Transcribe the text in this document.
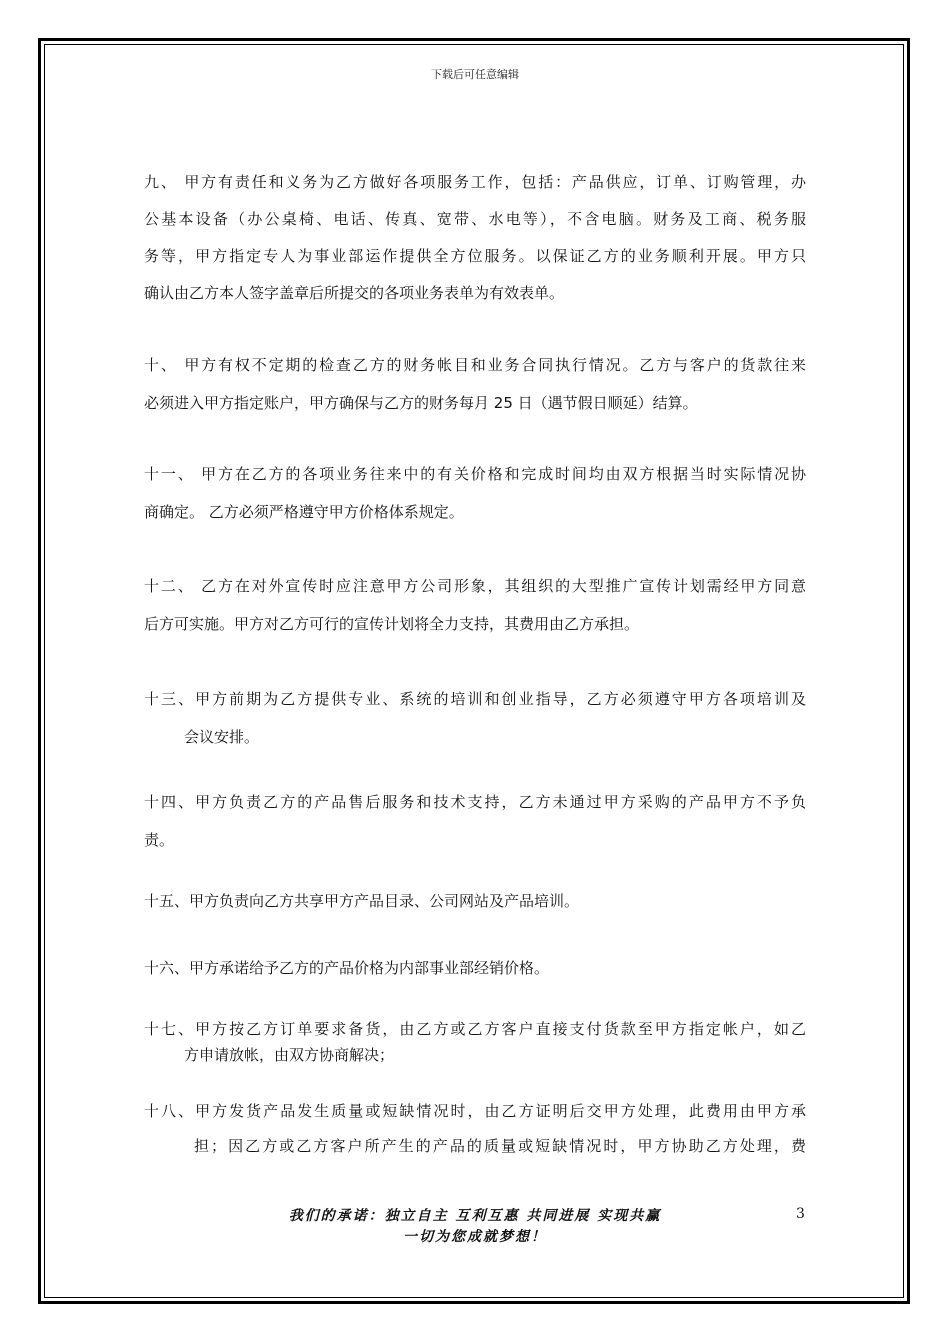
下载后可任意编辑
九、 甲方有责任和义务为乙方做好各项服务工作，包括：产品供应，订单、订购管理，办
公基本设备（办公桌椅、电话、传真、宽带、水电等），不含电脑。财务及工商、税务服
务等，甲方指定专人为事业部运作提供全方位服务。以保证乙方的业务顺利开展。甲方只
确认由乙方本人签字盖章后所提交的各项业务表单为有效表单。
十、 甲方有权不定期的检查乙方的财务帐目和业务合同执行情况。乙方与客户的货款往来
必须进入甲方指定账户，甲方确保与乙方的财务每月 25 日（遇节假日顺延）结算。
十一、 甲方在乙方的各项业务往来中的有关价格和完成时间均由双方根据当时实际情况协
商确定。 乙方必须严格遵守甲方价格体系规定。
十二、 乙方在对外宣传时应注意甲方公司形象，其组织的大型推广宣传计划需经甲方同意
后方可实施。甲方对乙方可行的宣传计划将全力支持，其费用由乙方承担。
十三、甲方前期为乙方提供专业、系统的培训和创业指导，乙方必须遵守甲方各项培训及
会议安排。
十四、甲方负责乙方的产品售后服务和技术支持，乙方未通过甲方采购的产品甲方不予负
责。
十五、甲方负责向乙方共享甲方产品目录、公司网站及产品培训。
十六、甲方承诺给予乙方的产品价格为内部事业部经销价格。
十七、甲方按乙方订单要求备货，由乙方或乙方客户直接支付货款至甲方指定帐户，如乙
方申请放帐，由双方协商解决；
十八、甲方发货产品发生质量或短缺情况时，由乙方证明后交甲方处理，此费用由甲方承
担；因乙方或乙方客户所产生的产品的质量或短缺情况时，甲方协助乙方处理，费
我们的承诺：独立自主 互利互惠 共同进展 实现共赢
一切为您成就梦想！
3
